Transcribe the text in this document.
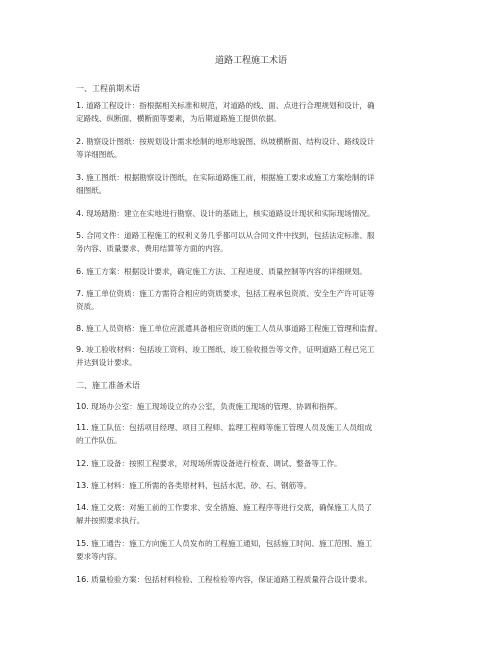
道路工程施工术语
一、工程前期术语
1. 道路工程设计：指根据相关标准和规范，对道路的线、面、点进行合理规划和设计，确
定路线、纵断面、横断面等要素，为后期道路施工提供依据。
2. 勘察设计图纸：按规划设计需求绘制的地形地貌图、纵坡横断面、结构设计、路线设计
等详细图纸。
3. 施工图纸：根据勘察设计图纸，在实际道路施工前，根据施工要求或施工方案绘制的详
细图纸。
4. 现场踏勘：建立在实地进行勘察、设计的基础上，核实道路设计现状和实际现场情况。
5. 合同文件：道路工程施工的权利义务几乎都可以从合同文件中找到，包括法定标准、服
务内容、质量要求、费用结算等方面的内容。
6. 施工方案：根据设计要求，确定施工方法、工程进度、质量控制等内容的详细规划。
7. 施工单位资质：施工方需符合相应的资质要求，包括工程承包资质、安全生产许可证等
资质。
8. 施工人员资格：施工单位应派遣具备相应资质的施工人员从事道路工程施工管理和监督。
9. 竣工验收材料：包括竣工资料、竣工图纸、竣工验收报告等文件，证明道路工程已完工
并达到设计要求。
二、施工准备术语
10. 现场办公室：施工现场设立的办公室，负责施工现场的管理、协调和指挥。
11. 施工队伍：包括项目经理、项目工程师、监理工程师等施工管理人员及施工人员组成
的工作队伍。
12. 施工设备：按照工程要求，对现场所需设备进行检查、调试、整备等工作。
13. 施工材料：施工所需的各类原材料，包括水泥、砂、石、钢筋等。
14. 施工交底：对施工前的工作要求、安全措施、施工程序等进行交底，确保施工人员了
解并按照要求执行。
15. 施工通告：施工方向施工人员发布的工程施工通知，包括施工时间、施工范围、施工
要求等内容。
16. 质量检验方案：包括材料检验、工程检验等内容，保证道路工程质量符合设计要求。
